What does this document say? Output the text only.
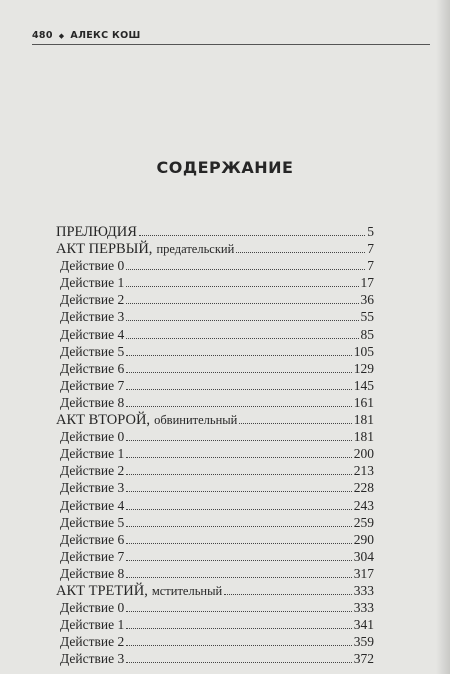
480 ◆ АЛЕКС КОШ
СОДЕРЖАНИЕ
ПРЕЛЮДИЯ	5
АКТ ПЕРВЫЙ, предательский	7
Действие 0	7
Действие 1	17
Действие 2	36
Действие 3	55
Действие 4	85
Действие 5	105
Действие 6	129
Действие 7	145
Действие 8	161
АКТ ВТОРОЙ, обвинительный	181
Действие 0	181
Действие 1	200
Действие 2	213
Действие 3	228
Действие 4	243
Действие 5	259
Действие 6	290
Действие 7	304
Действие 8	317
АКТ ТРЕТИЙ, мстительный	333
Действие 0	333
Действие 1	341
Действие 2	359
Действие 3	372
